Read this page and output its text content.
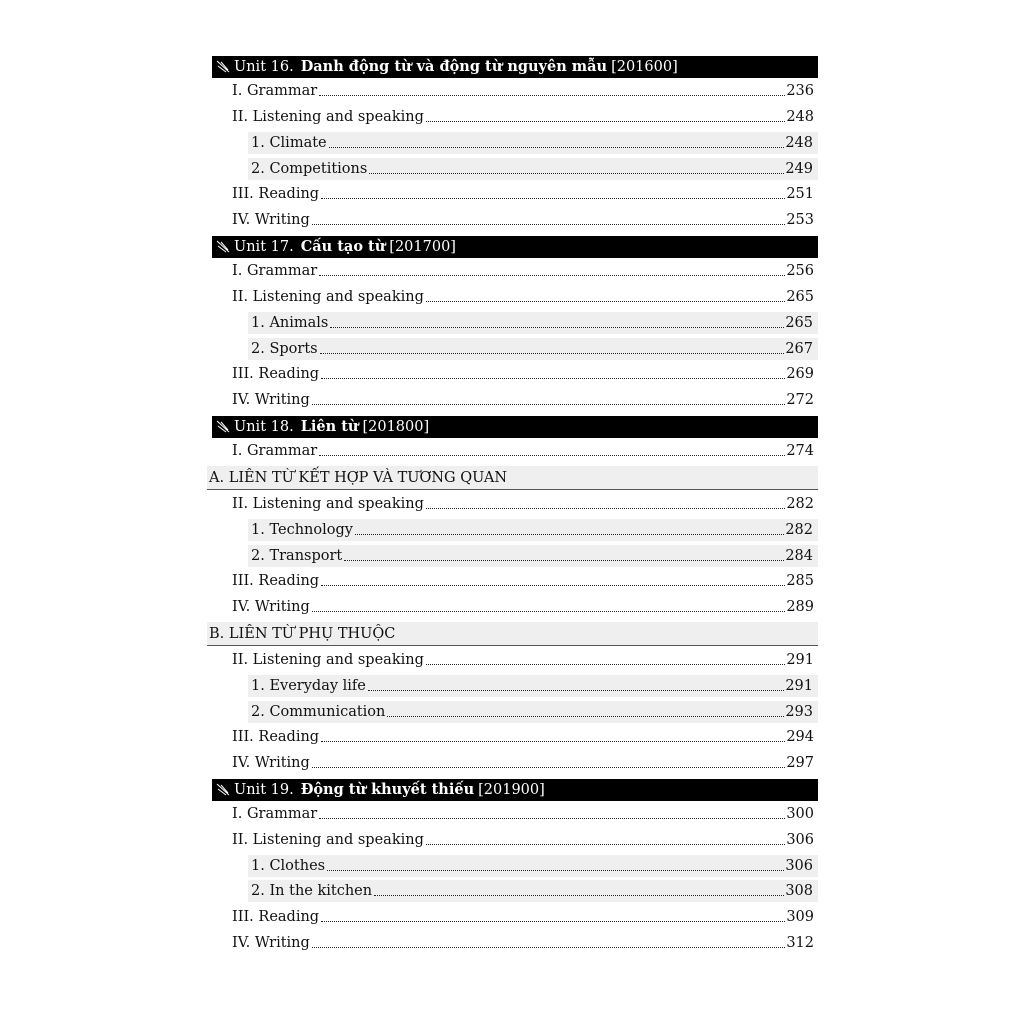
Unit 16. Danh động từ và động từ nguyên mẫu [201600]
I. Grammar	236
II. Listening and speaking	248
1. Climate	248
2. Competitions	249
III. Reading	251
IV. Writing	253
Unit 17. Cấu tạo từ [201700]
I. Grammar	256
II. Listening and speaking	265
1. Animals	265
2. Sports	267
III. Reading	269
IV. Writing	272
Unit 18. Liên từ [201800]
I. Grammar	274
A. LIÊN TỪ KẾT HỢP VÀ TƯƠNG QUAN
II. Listening and speaking	282
1. Technology	282
2. Transport	284
III. Reading	285
IV. Writing	289
B. LIÊN TỪ PHỤ THUỘC
II. Listening and speaking	291
1. Everyday life	291
2. Communication	293
III. Reading	294
IV. Writing	297
Unit 19. Động từ khuyết thiếu [201900]
I. Grammar	300
II. Listening and speaking	306
1. Clothes	306
2. In the kitchen	308
III. Reading	309
IV. Writing	312
